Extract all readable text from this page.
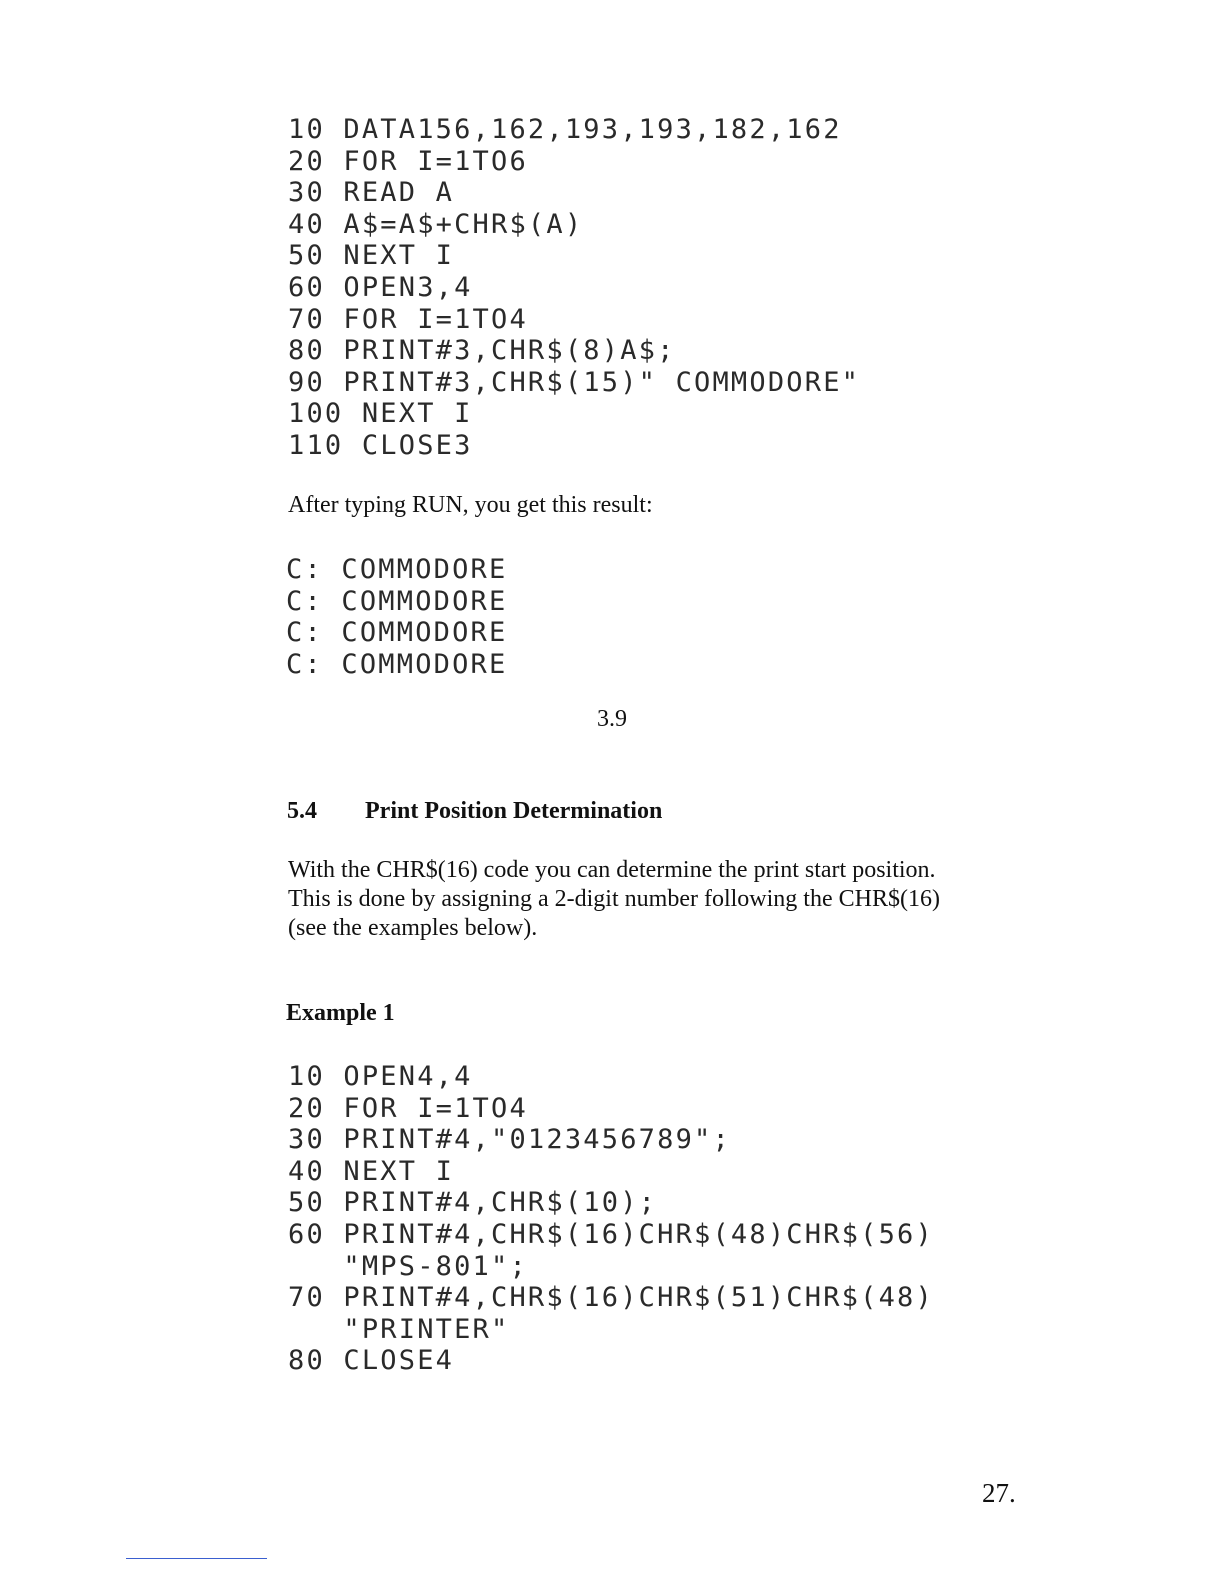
10 DATA156,162,193,193,182,162
20 FOR I=1TO6
30 READ A
40 A$=A$+CHR$(A)
50 NEXT I
60 OPEN3,4
70 FOR I=1TO4
80 PRINT#3,CHR$(8)A$;
90 PRINT#3,CHR$(15)" COMMODORE"
100 NEXT I
110 CLOSE3

After typing RUN, you get this result:

C: COMMODORE
C: COMMODORE
C: COMMODORE
C: COMMODORE
3.9
5.4 Print Position Determination

With the CHR$(16) code you can determine the print start position.
This is done by assigning a 2-digit number following the CHR$(16)
(see the examples below).

Example 1
10 OPEN4,4
20 FOR I=1TO4
30 PRINT#4,"0123456789";
40 NEXT I
50 PRINT#4,CHR$(10);
60 PRINT#4,CHR$(16)CHR$(48)CHR$(56)
"MPS-801";
70 PRINT#4,CHR$(16)CHR$(51)CHR$(48)
"PRINTER"
80 CLOSE4
27.
